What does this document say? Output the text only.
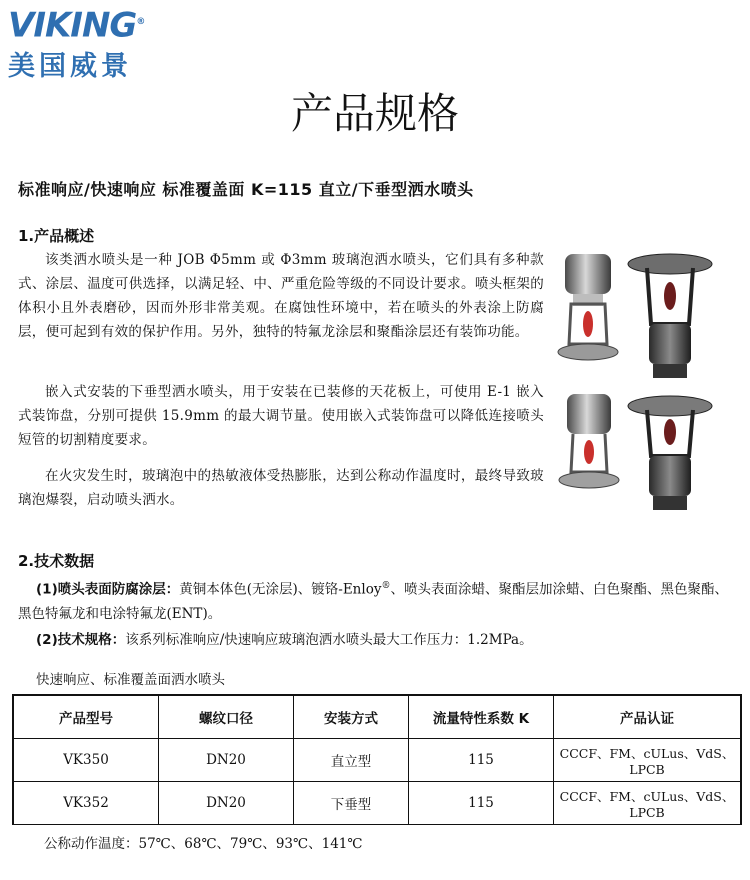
VIKING®
美国威景
产品规格
标准响应/快速响应 标准覆盖面 K=115 直立/下垂型洒水喷头
1.产品概述
该类洒水喷头是一种 JOB Φ5mm 或 Φ3mm 玻璃泡洒水喷头，它们具有多种款式、涂层、温度可供选择，以满足轻、中、严重危险等级的不同设计要求。喷头框架的体积小且外表磨砂，因而外形非常美观。在腐蚀性环境中，若在喷头的外表涂上防腐层，便可起到有效的保护作用。另外，独特的特氟龙涂层和聚酯涂层还有装饰功能。
嵌入式安装的下垂型洒水喷头，用于安装在已装修的天花板上，可使用 E-1 嵌入式装饰盘，分别可提供 15.9mm 的最大调节量。使用嵌入式装饰盘可以降低连接喷头短管的切割精度要求。
在火灾发生时，玻璃泡中的热敏液体受热膨胀，达到公称动作温度时，最终导致玻璃泡爆裂，启动喷头洒水。
2.技术数据
(1)喷头表面防腐涂层：黄铜本体色(无涂层)、镀铬-Enloy®、喷头表面涂蜡、聚酯层加涂蜡、白色聚酯、黑色聚酯、黑色特氟龙和电涂特氟龙(ENT)。
(2)技术规格：该系列标准响应/快速响应玻璃泡洒水喷头最大工作压力：1.2MPa。
快速响应、标准覆盖面洒水喷头
产品型号	螺纹口径	安装方式	流量特性系数 K	产品认证
VK350	DN20	直立型	115	CCCF、FM、cULus、VdS、LPCB
VK352	DN20	下垂型	115	CCCF、FM、cULus、VdS、LPCB
公称动作温度：57℃、68℃、79℃、93℃、141℃
